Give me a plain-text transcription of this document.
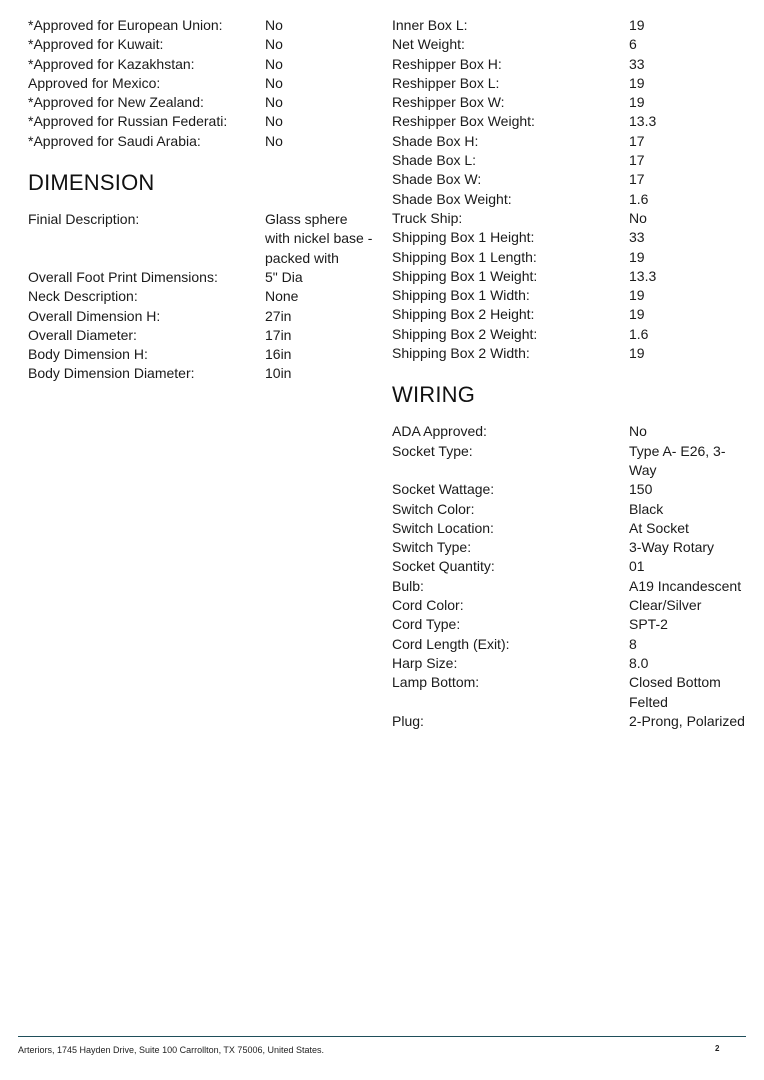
*Approved for European Union:	No
*Approved for Kuwait:	No
*Approved for Kazakhstan:	No
Approved for Mexico:	No
*Approved for New Zealand:	No
*Approved for Russian Federati:	No
*Approved for Saudi Arabia:	No
DIMENSION
Finial Description:	Glass sphere with nickel base -packed with
Overall Foot Print Dimensions:	5" Dia
Neck Description:	None
Overall Dimension H:	27in
Overall Diameter:	17in
Body Dimension H:	16in
Body Dimension Diameter:	10in
Inner Box L:	19
Net Weight:	6
Reshipper Box H:	33
Reshipper Box L:	19
Reshipper Box W:	19
Reshipper Box Weight:	13.3
Shade Box H:	17
Shade Box L:	17
Shade Box W:	17
Shade Box Weight:	1.6
Truck Ship:	No
Shipping Box 1 Height:	33
Shipping Box 1 Length:	19
Shipping Box 1 Weight:	13.3
Shipping Box 1 Width:	19
Shipping Box 2 Height:	19
Shipping Box 2 Weight:	1.6
Shipping Box 2 Width:	19
WIRING
ADA Approved:	No
Socket Type:	Type A- E26, 3-Way
Socket Wattage:	150
Switch Color:	Black
Switch Location:	At Socket
Switch Type:	3-Way Rotary
Socket Quantity:	01
Bulb:	A19 Incandescent
Cord Color:	Clear/Silver
Cord Type:	SPT-2
Cord Length (Exit):	8
Harp Size:	8.0
Lamp Bottom:	Closed Bottom Felted
Plug:	2-Prong, Polarized
Arteriors, 1745 Hayden Drive, Suite 100 Carrollton, TX 75006, United States.	2
